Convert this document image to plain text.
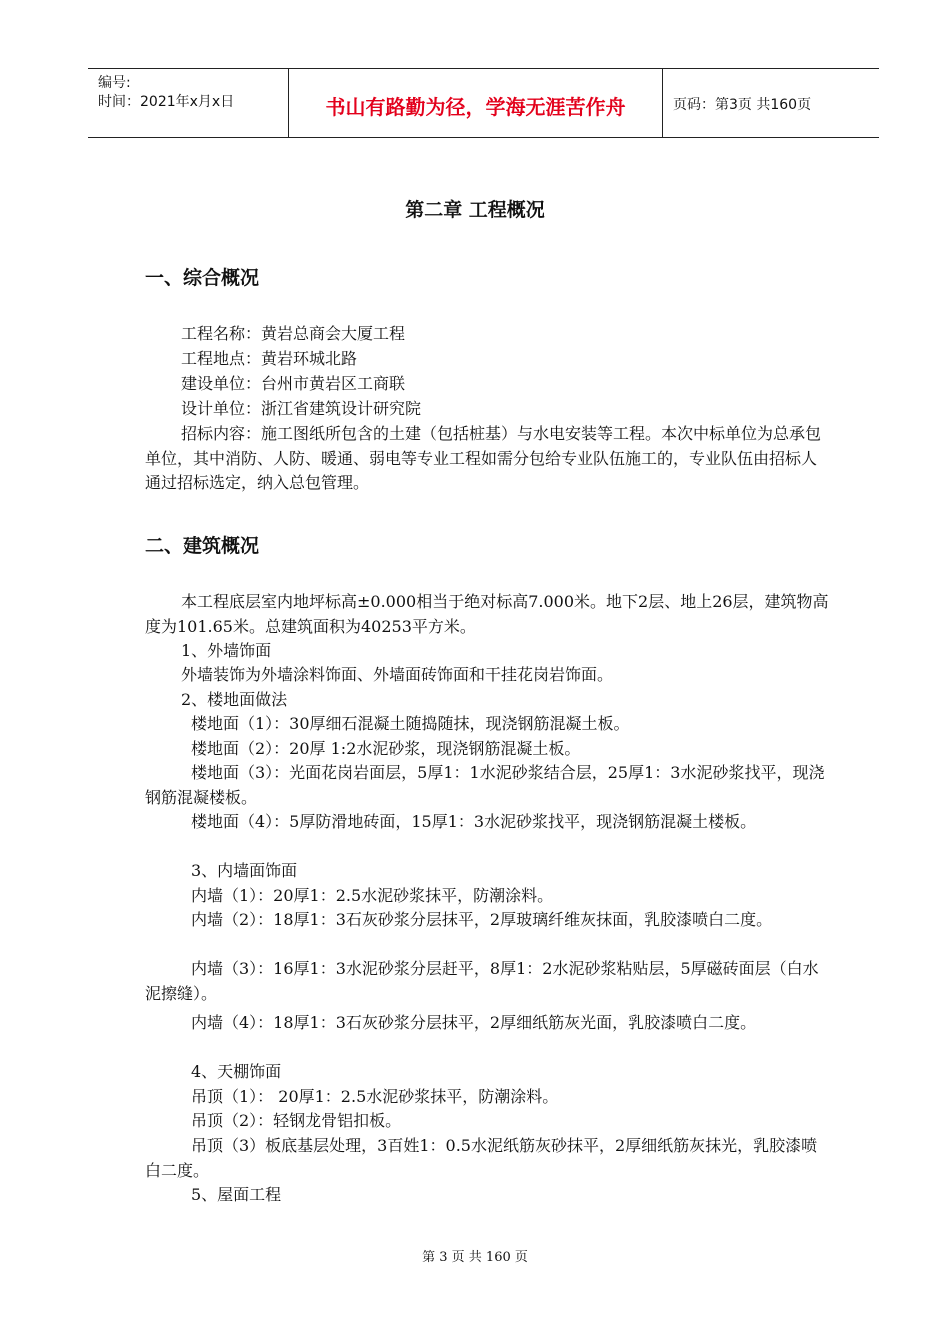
编号:
时间：2021年x月x日	书山有路勤为径，学海无涯苦作舟	页码：第3页 共160页
第二章 工程概况
一、综合概况
工程名称：黄岩总商会大厦工程
工程地点：黄岩环城北路
建设单位：台州市黄岩区工商联
设计单位：浙江省建筑设计研究院
招标内容：施工图纸所包含的土建（包括桩基）与水电安装等工程。本次中标单位为总承包单位，其中消防、人防、暖通、弱电等专业工程如需分包给专业队伍施工的，专业队伍由招标人通过招标选定，纳入总包管理。
二、建筑概况
本工程底层室内地坪标高±0.000相当于绝对标高7.000米。地下2层、地上26层，建筑物高度为101.65米。总建筑面积为40253平方米。
1、外墙饰面
外墙装饰为外墙涂料饰面、外墙面砖饰面和干挂花岗岩饰面。
2、楼地面做法
楼地面（1）：30厚细石混凝土随捣随抹，现浇钢筋混凝土板。
楼地面（2）：20厚 1:2水泥砂浆，现浇钢筋混凝土板。
楼地面（3）：光面花岗岩面层，5厚1：1水泥砂浆结合层，25厚1：3水泥砂浆找平，现浇钢筋混凝楼板。
楼地面（4）：5厚防滑地砖面，15厚1：3水泥砂浆找平，现浇钢筋混凝土楼板。
3、内墙面饰面
内墙（1）：20厚1：2.5水泥砂浆抹平，防潮涂料。
内墙（2）：18厚1：3石灰砂浆分层抹平，2厚玻璃纤维灰抹面，乳胶漆喷白二度。
内墙（3）：16厚1：3水泥砂浆分层赶平，8厚1：2水泥砂浆粘贴层，5厚磁砖面层（白水泥擦缝）。
内墙（4）：18厚1：3石灰砂浆分层抹平，2厚细纸筋灰光面，乳胶漆喷白二度。
4、天棚饰面
吊顶（1）： 20厚1：2.5水泥砂浆抹平，防潮涂料。
吊顶（2）：轻钢龙骨铝扣板。
吊顶（3）板底基层处理，3百姓1：0.5水泥纸筋灰砂抹平，2厚细纸筋灰抹光，乳胶漆喷白二度。
5、屋面工程
第 3 页 共 160 页
